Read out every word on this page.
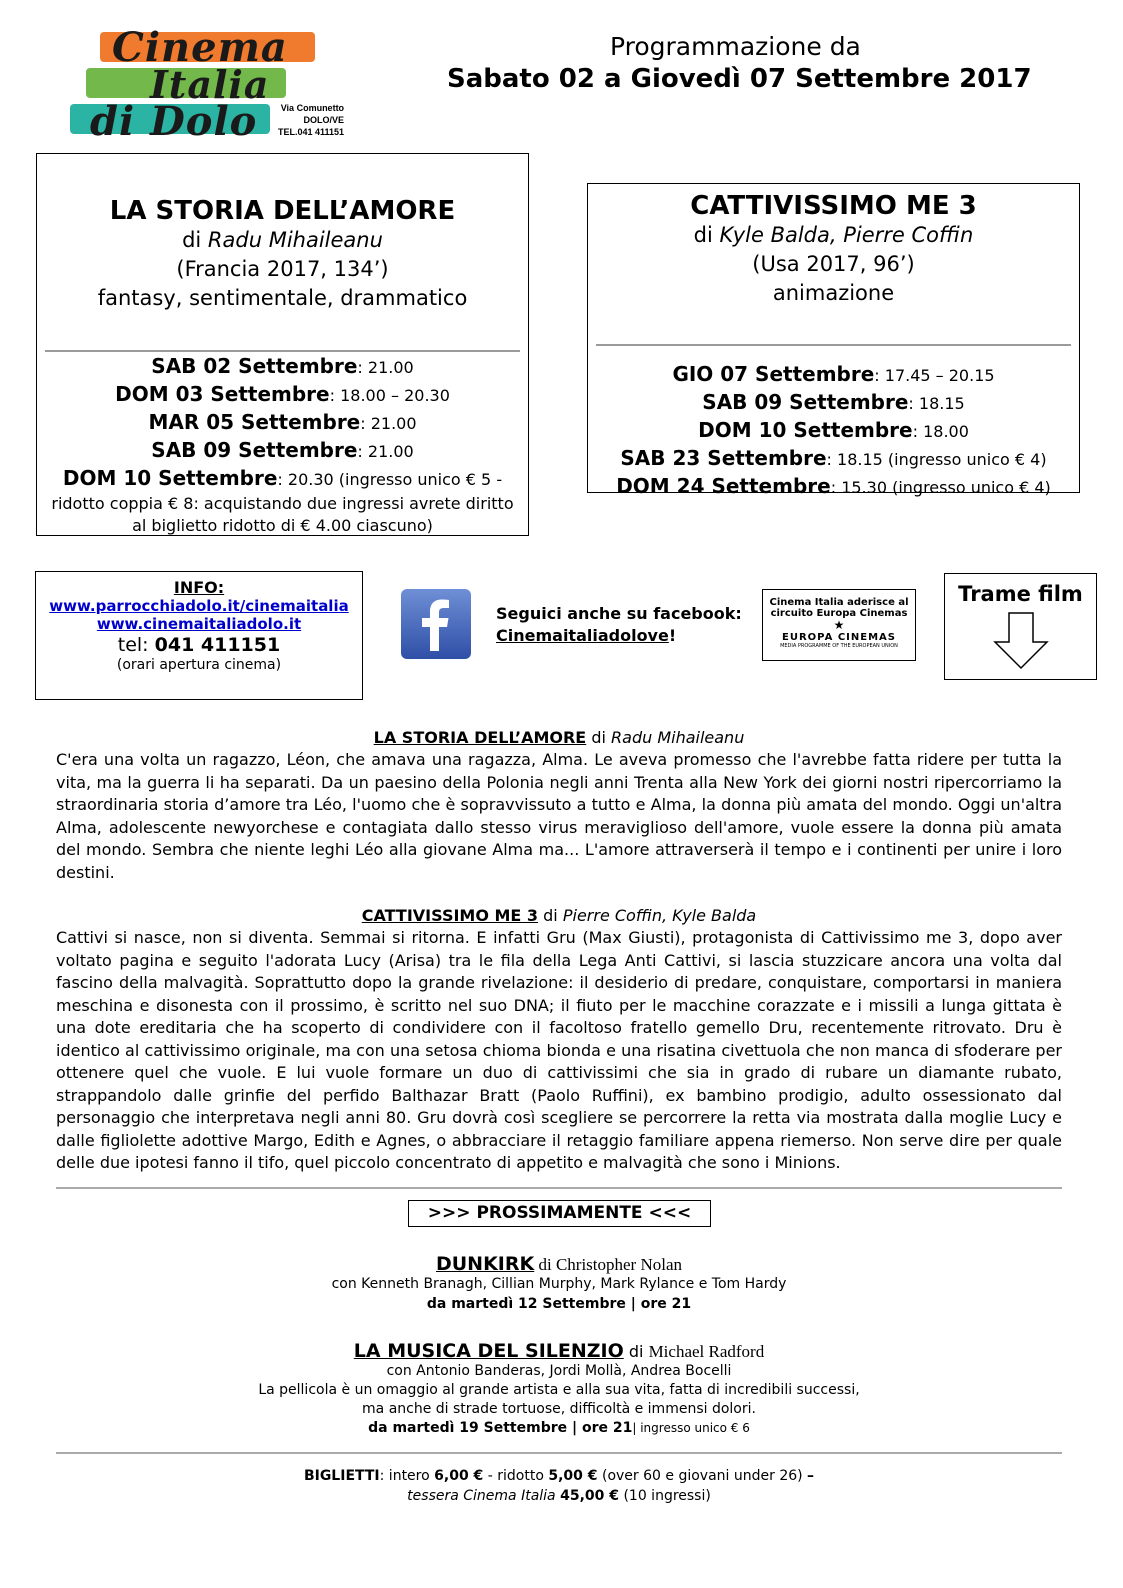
Cinema
Italia
di Dolo	Via Comunetto
DOLO/VE
TEL.041 411151
Programmazione da
Sabato 02 a Giovedì 07 Settembre 2017
LA STORIA DELL’AMORE
di Radu Mihaileanu
(Francia 2017, 134’)
fantasy, sentimentale, drammatico
SAB 02 Settembre: 21.00
DOM 03 Settembre: 18.00 – 20.30
MAR 05 Settembre: 21.00
SAB 09 Settembre: 21.00
DOM 10 Settembre: 20.30 (ingresso unico € 5 -
ridotto coppia € 8: acquistando due ingressi avrete diritto
al biglietto ridotto di € 4.00 ciascuno)
CATTIVISSIMO ME 3
di Kyle Balda, Pierre Coffin
(Usa 2017, 96’)
animazione
GIO 07 Settembre: 17.45 – 20.15
SAB 09 Settembre: 18.15
DOM 10 Settembre: 18.00
SAB 23 Settembre: 18.15 (ingresso unico € 4)
DOM 24 Settembre: 15.30 (ingresso unico € 4)
INFO:
www.parrocchiadolo.it/cinemaitalia
www.cinemaitaliadolo.it
tel: 041 411151
(orari apertura cinema)
Seguici anche su facebook:
Cinemaitaliadolove!
Cinema Italia aderisce al
circuito Europa Cinemas
★
EUROPA CINEMAS
MEDIA PROGRAMME OF THE EUROPEAN UNION
Trame film
LA STORIA DELL’AMORE di Radu Mihaileanu
C'era una volta un ragazzo, Léon, che amava una ragazza, Alma. Le aveva promesso che l'avrebbe fatta ridere per tutta la vita, ma la guerra li ha separati. Da un paesino della Polonia negli anni Trenta alla New York dei giorni nostri ripercorriamo la straordinaria storia d’amore tra Léo, l'uomo che è sopravvissuto a tutto e Alma, la donna più amata del mondo. Oggi un'altra Alma, adolescente newyorchese e contagiata dallo stesso virus meraviglioso dell'amore, vuole essere la donna più amata del mondo. Sembra che niente leghi Léo alla giovane Alma ma... L'amore attraverserà il tempo e i continenti per unire i loro destini.
CATTIVISSIMO ME 3 di Pierre Coffin, Kyle Balda
Cattivi si nasce, non si diventa. Semmai si ritorna. E infatti Gru (Max Giusti), protagonista di Cattivissimo me 3, dopo aver voltato pagina e seguito l'adorata Lucy (Arisa) tra le fila della Lega Anti Cattivi, si lascia stuzzicare ancora una volta dal fascino della malvagità. Soprattutto dopo la grande rivelazione: il desiderio di predare, conquistare, comportarsi in maniera meschina e disonesta con il prossimo, è scritto nel suo DNA; il fiuto per le macchine corazzate e i missili a lunga gittata è una dote ereditaria che ha scoperto di condividere con il facoltoso fratello gemello Dru, recentemente ritrovato. Dru è identico al cattivissimo originale, ma con una setosa chioma bionda e una risatina civettuola che non manca di sfoderare per ottenere quel che vuole. E lui vuole formare un duo di cattivissimi che sia in grado di rubare un diamante rubato, strappandolo dalle grinfie del perfido Balthazar Bratt (Paolo Ruffini), ex bambino prodigio, adulto ossessionato dal personaggio che interpretava negli anni 80. Gru dovrà così scegliere se percorrere la retta via mostrata dalla moglie Lucy e dalle figliolette adottive Margo, Edith e Agnes, o abbracciare il retaggio familiare appena riemerso. Non serve dire per quale delle due ipotesi fanno il tifo, quel piccolo concentrato di appetito e malvagità che sono i Minions.
>>> PROSSIMAMENTE <<<
DUNKIRK di Christopher Nolan
con Kenneth Branagh, Cillian Murphy, Mark Rylance e Tom Hardy
da martedì 12 Settembre | ore 21
LA MUSICA DEL SILENZIO di Michael Radford
con Antonio Banderas, Jordi Mollà, Andrea Bocelli
La pellicola è un omaggio al grande artista e alla sua vita, fatta di incredibili successi,
ma anche di strade tortuose, difficoltà e immensi dolori.
da martedì 19 Settembre | ore 21| ingresso unico € 6
BIGLIETTI: intero 6,00 € - ridotto 5,00 € (over 60 e giovani under 26) –
tessera Cinema Italia 45,00 € (10 ingressi)
